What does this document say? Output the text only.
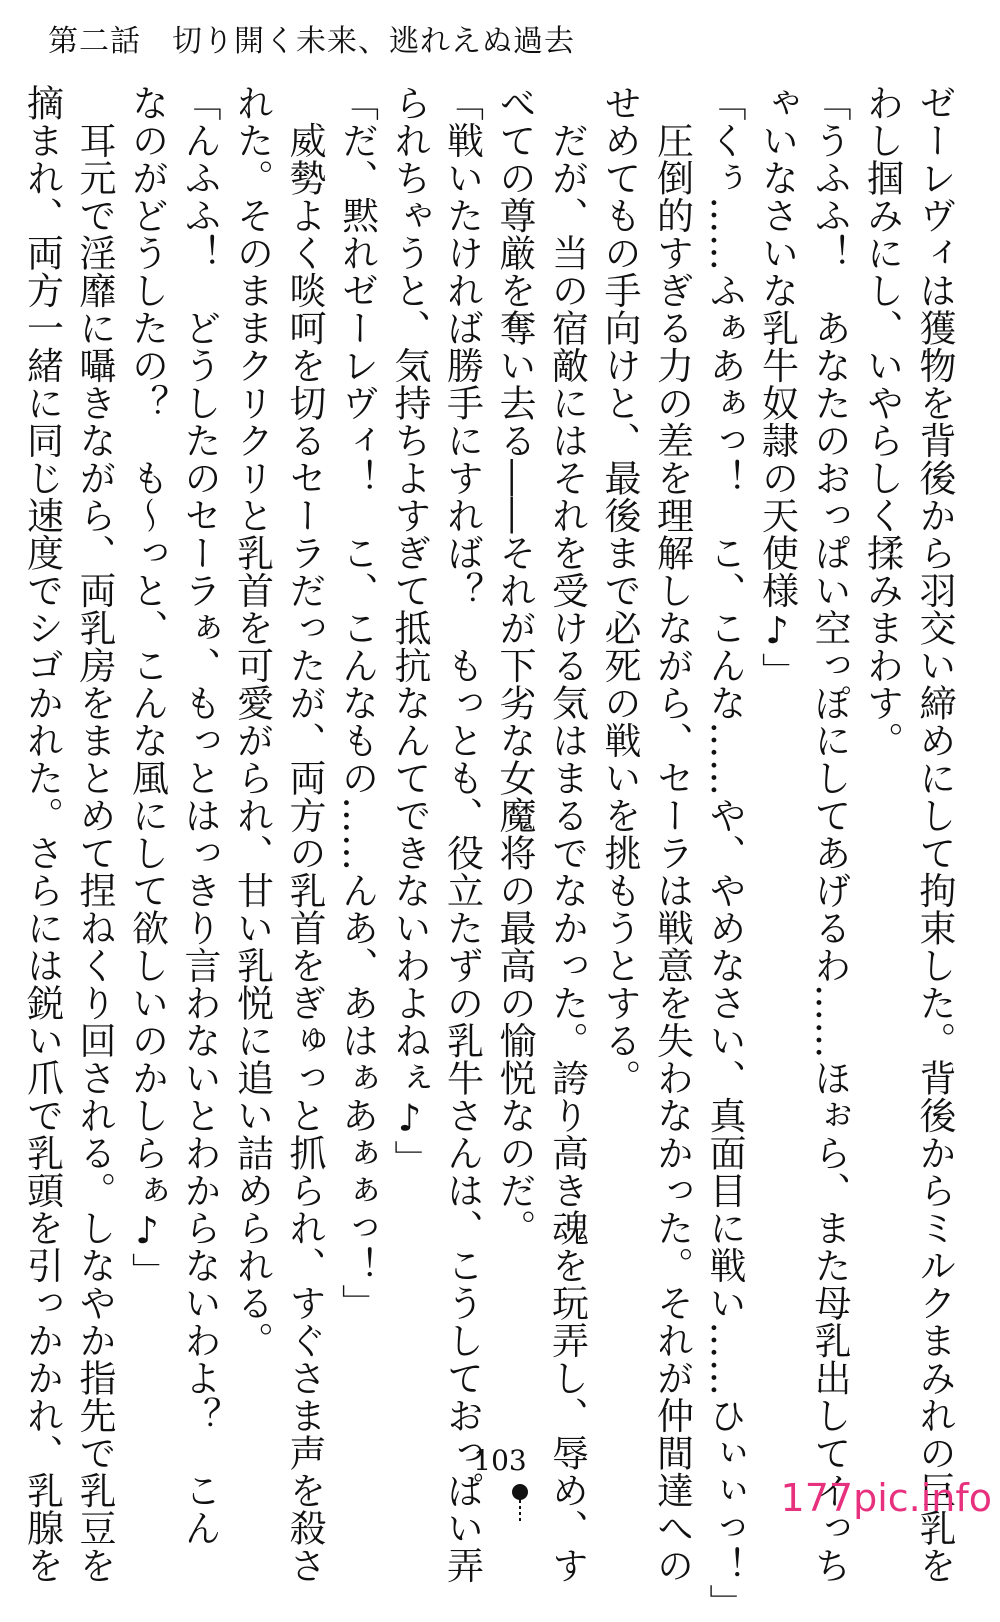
第二話　切り開く未来、逃れえぬ過去

ゼーレヴィは獲物を背後から羽交い締めにして拘束した。背後からミルクまみれの巨乳を

わし掴みにし、いやらしく揉みまわす。

「うふふ！　あなたのおっぱい空っぽにしてあげるわ……ほぉら、また母乳出してイっち

ゃいなさいな乳牛奴隷の天使様♪」

「くぅ……ふぁあぁっ！　こ、こんな……や、やめなさい、真面目に戦い……ひぃぃっ！」

　圧倒的すぎる力の差を理解しながら、セーラは戦意を失わなかった。それが仲間達への

せめてもの手向けと、最後まで必死の戦いを挑もうとする。

　だが、当の宿敵にはそれを受ける気はまるでなかった。誇り高き魂を玩弄し、辱め、す

べての尊厳を奪い去る――それが下劣な女魔将の最高の愉悦なのだ。

「戦いたければ勝手にすれば？　もっとも、役立たずの乳牛さんは、こうしておっぱい弄

られちゃうと、気持ちよすぎて抵抗なんてできないわよねぇ♪」

「だ、黙れゼーレヴィ！　こ、こんなもの……んあ、あはぁあぁぁっ！」

　威勢よく啖呵を切るセーラだったが、両方の乳首をぎゅっと抓られ、すぐさま声を殺さ

れた。そのままクリクリと乳首を可愛がられ、甘い乳悦に追い詰められる。

「んふふ！　どうしたのセーラぁ、もっとはっきり言わないとわからないわよ？　こん

なのがどうしたの？　も〜っと、こんな風にして欲しいのかしらぁ♪」

　耳元で淫靡に囁きながら、両乳房をまとめて捏ねくり回される。しなやか指先で乳豆を

摘まれ、両方一緒に同じ速度でシゴかれた。さらには鋭い爪で乳頭を引っかかれ、乳腺を	103
177pic.info
